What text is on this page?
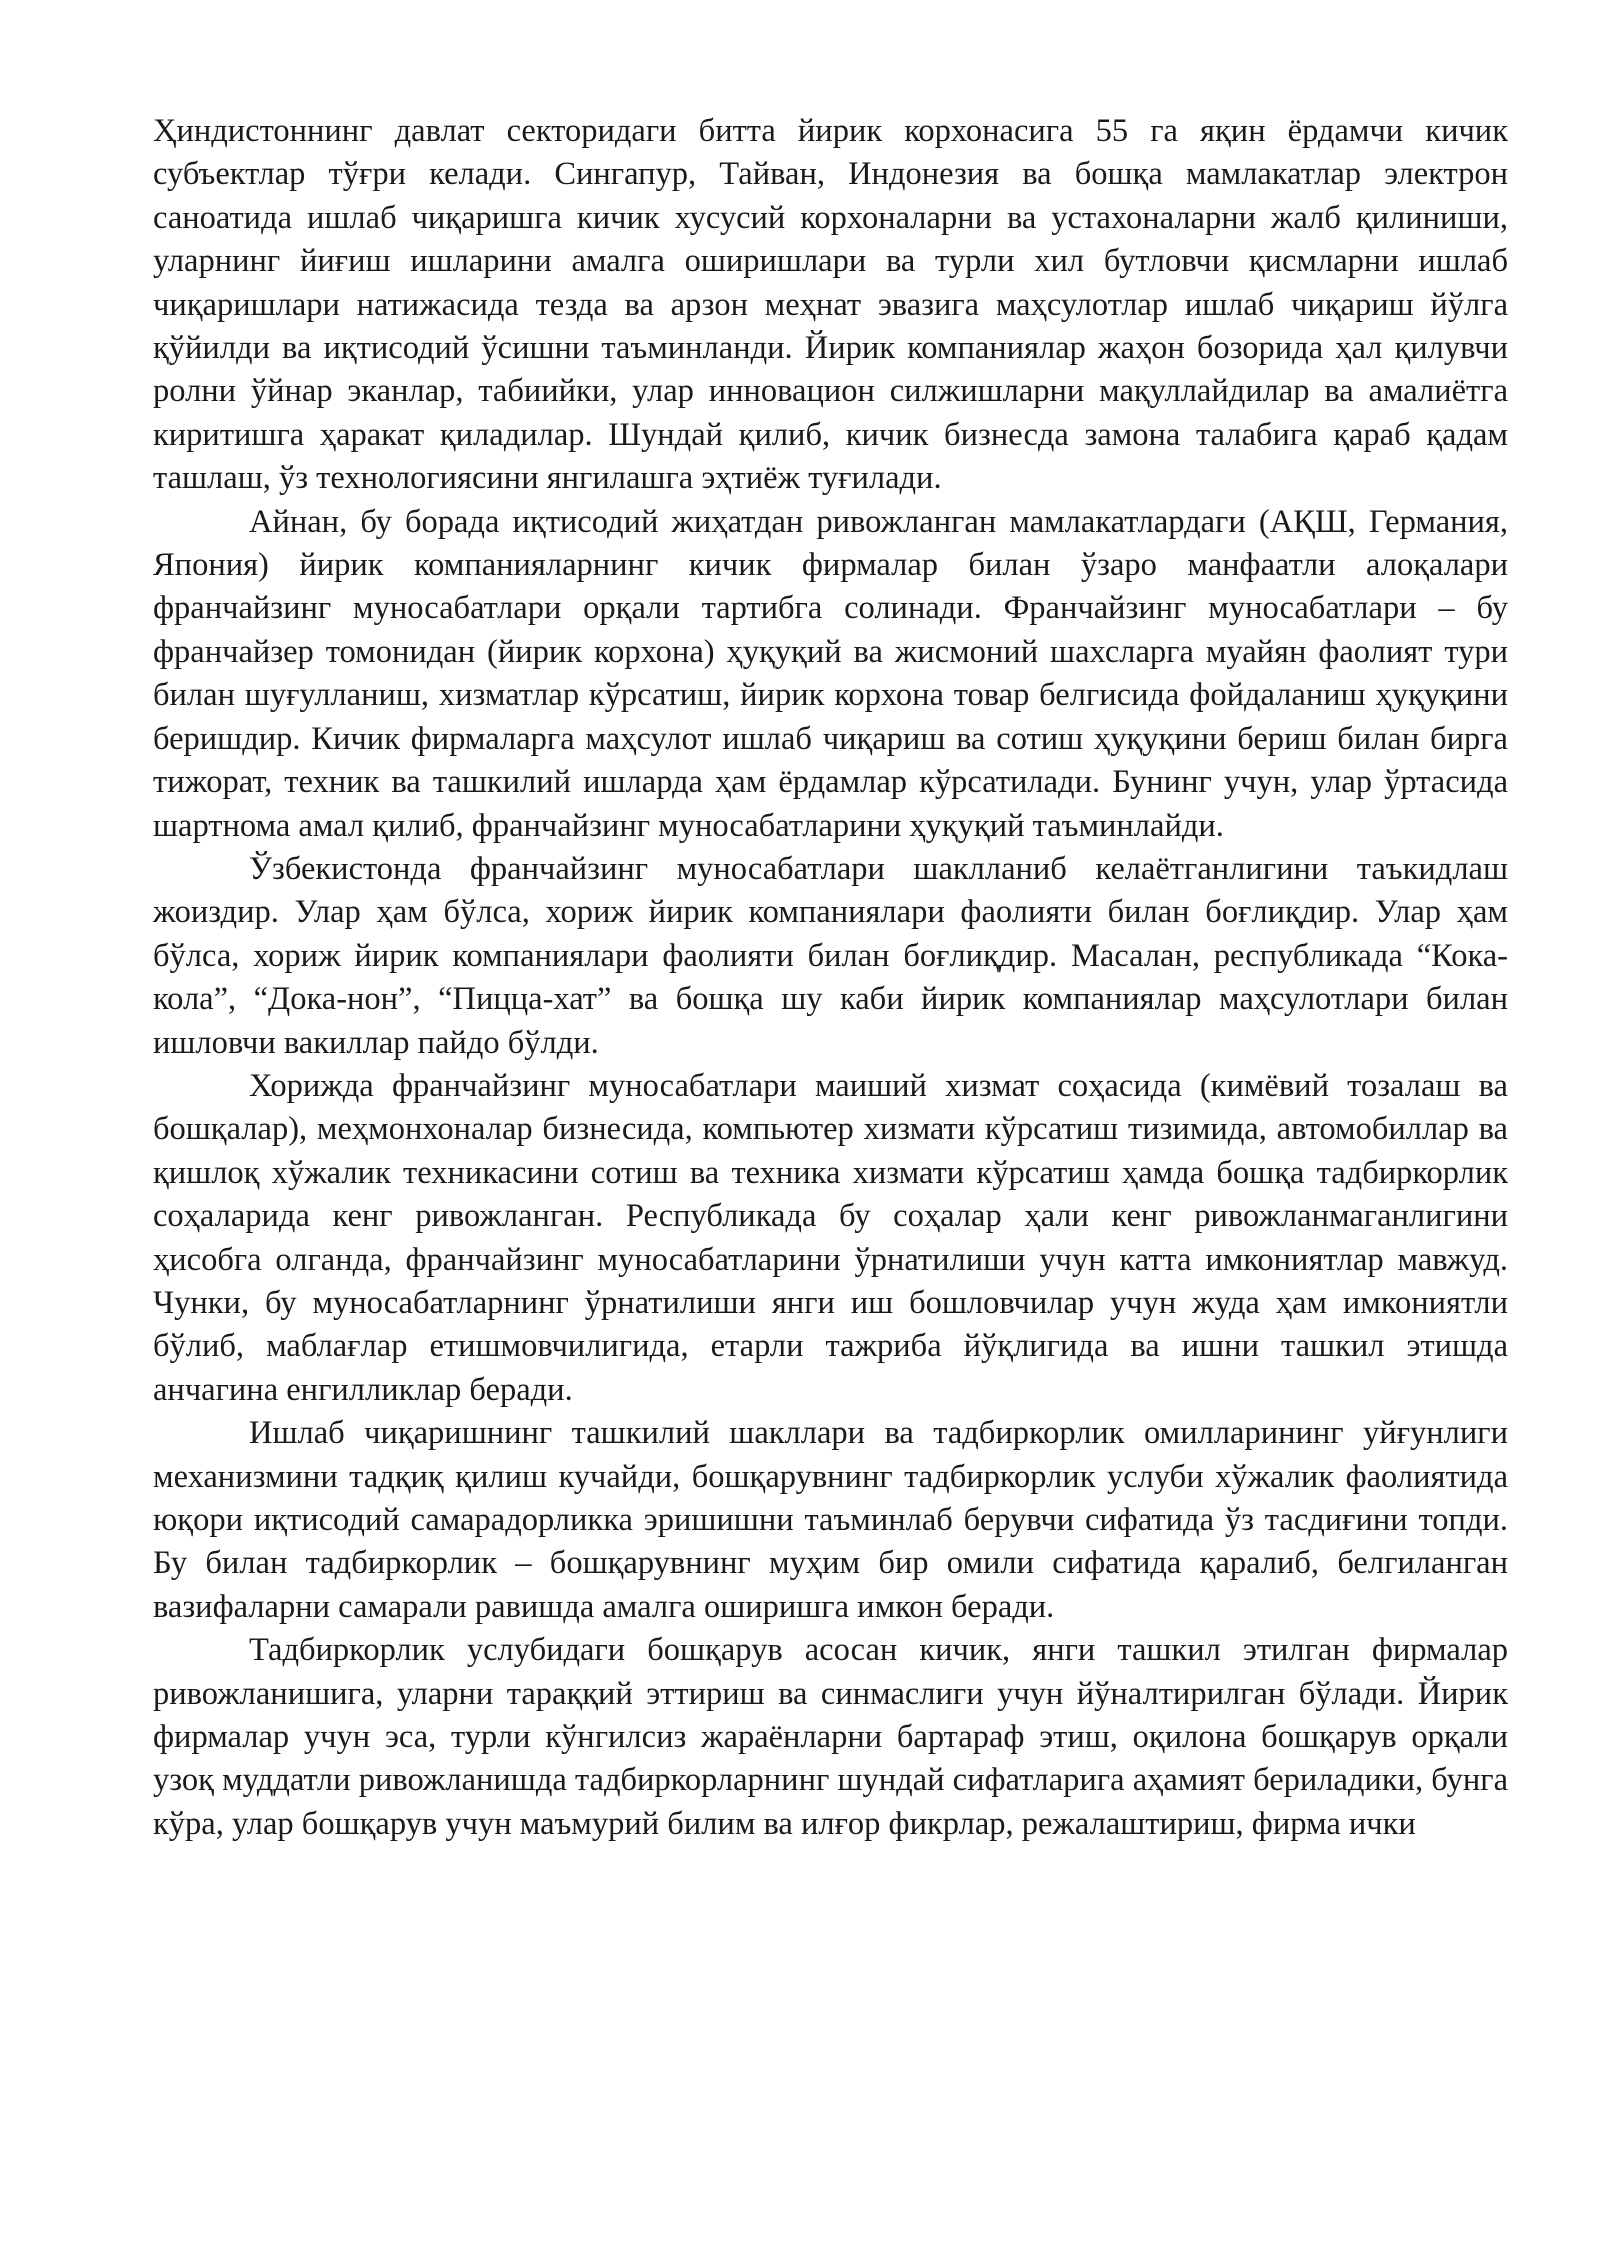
Ҳиндистоннинг давлат секторидаги битта йирик корхонасига 55 га яқин ёрдамчи кичик субъектлар тўғри келади. Сингапур, Тайван, Индонезия ва бошқа мамлакатлар электрон саноатида ишлаб чиқаришга кичик хусусий корхоналарни ва устахоналарни жалб қилиниши, уларнинг йиғиш ишларини амалга оширишлари ва турли хил бутловчи қисмларни ишлаб чиқаришлари натижасида тезда ва арзон меҳнат эвазига маҳсулотлар ишлаб чиқариш йўлга қўйилди ва иқтисодий ўсишни таъминланди. Йирик компаниялар жаҳон бозорида ҳал қилувчи ролни ўйнар эканлар, табиийки, улар инновацион силжишларни мақуллайдилар ва амалиётга киритишга ҳаракат қиладилар. Шундай қилиб, кичик бизнесда замона талабига қараб қадам ташлаш, ўз технологиясини янгилашга эҳтиёж туғилади.

Айнан, бу борада иқтисодий жиҳатдан ривожланган мамлакатлардаги (АҚШ, Германия, Япония) йирик компанияларнинг кичик фирмалар билан ўзаро манфаатли алоқалари франчайзинг муносабатлари орқали тартибга солинади. Франчайзинг муносабатлари – бу франчайзер томонидан (йирик корхона) ҳуқуқий ва жисмоний шахсларга муайян фаолият тури билан шуғулланиш, хизматлар кўрсатиш, йирик корхона товар белгисида фойдаланиш ҳуқуқини беришдир. Кичик фирмаларга маҳсулот ишлаб чиқариш ва сотиш ҳуқуқини бериш билан бирга тижорат, техник ва ташкилий ишларда ҳам ёрдамлар кўрсатилади. Бунинг учун, улар ўртасида шартнома амал қилиб, франчайзинг муносабатларини ҳуқуқий таъминлайди.

Ўзбекистонда франчайзинг муносабатлари шаклланиб келаётганлигини таъкидлаш жоиздир. Улар ҳам бўлса, хориж йирик компаниялари фаолияти билан боғлиқдир. Улар ҳам бўлса, хориж йирик компаниялари фаолияти билан боғлиқдир. Масалан, республикада “Кока-кола”, “Дока-нон”, “Пицца-хат” ва бошқа шу каби йирик компаниялар маҳсулотлари билан ишловчи вакиллар пайдо бўлди.

Хорижда франчайзинг муносабатлари маиший хизмат соҳасида (кимёвий тозалаш ва бошқалар), меҳмонхоналар бизнесида, компьютер хизмати кўрсатиш тизимида, автомобиллар ва қишлоқ хўжалик техникасини сотиш ва техника хизмати кўрсатиш ҳамда бошқа тадбиркорлик соҳаларида кенг ривожланган. Республикада бу соҳалар ҳали кенг ривожланмаганлигини ҳисобга олганда, франчайзинг муносабатларини ўрнатилиши учун катта имкониятлар мавжуд. Чунки, бу муносабатларнинг ўрнатилиши янги иш бошловчилар учун жуда ҳам имкониятли бўлиб, маблағлар етишмовчилигида, етарли тажриба йўқлигида ва ишни ташкил этишда анчагина енгилликлар беради.

Ишлаб чиқаришнинг ташкилий шакллари ва тадбиркорлик омилларининг уйғунлиги механизмини тадқиқ қилиш кучайди, бошқарувнинг тадбиркорлик услуби хўжалик фаолиятида юқори иқтисодий самарадорликка эришишни таъминлаб берувчи сифатида ўз тасдиғини топди. Бу билан тадбиркорлик – бошқарувнинг муҳим бир омили сифатида қаралиб, белгиланган вазифаларни самарали равишда амалга оширишга имкон беради.

Тадбиркорлик услубидаги бошқарув асосан кичик, янги ташкил этилган фирмалар ривожланишига, уларни тараққий эттириш ва синмаслиги учун йўналтирилган бўлади. Йирик фирмалар учун эса, турли кўнгилсиз жараёнларни бартараф этиш, оқилона бошқарув орқали узоқ муддатли ривожланишда тадбиркорларнинг шундай сифатларига аҳамият бериладики, бунга кўра, улар бошқарув учун маъмурий билим ва илғор фикрлар, режалаштириш, фирма ички
